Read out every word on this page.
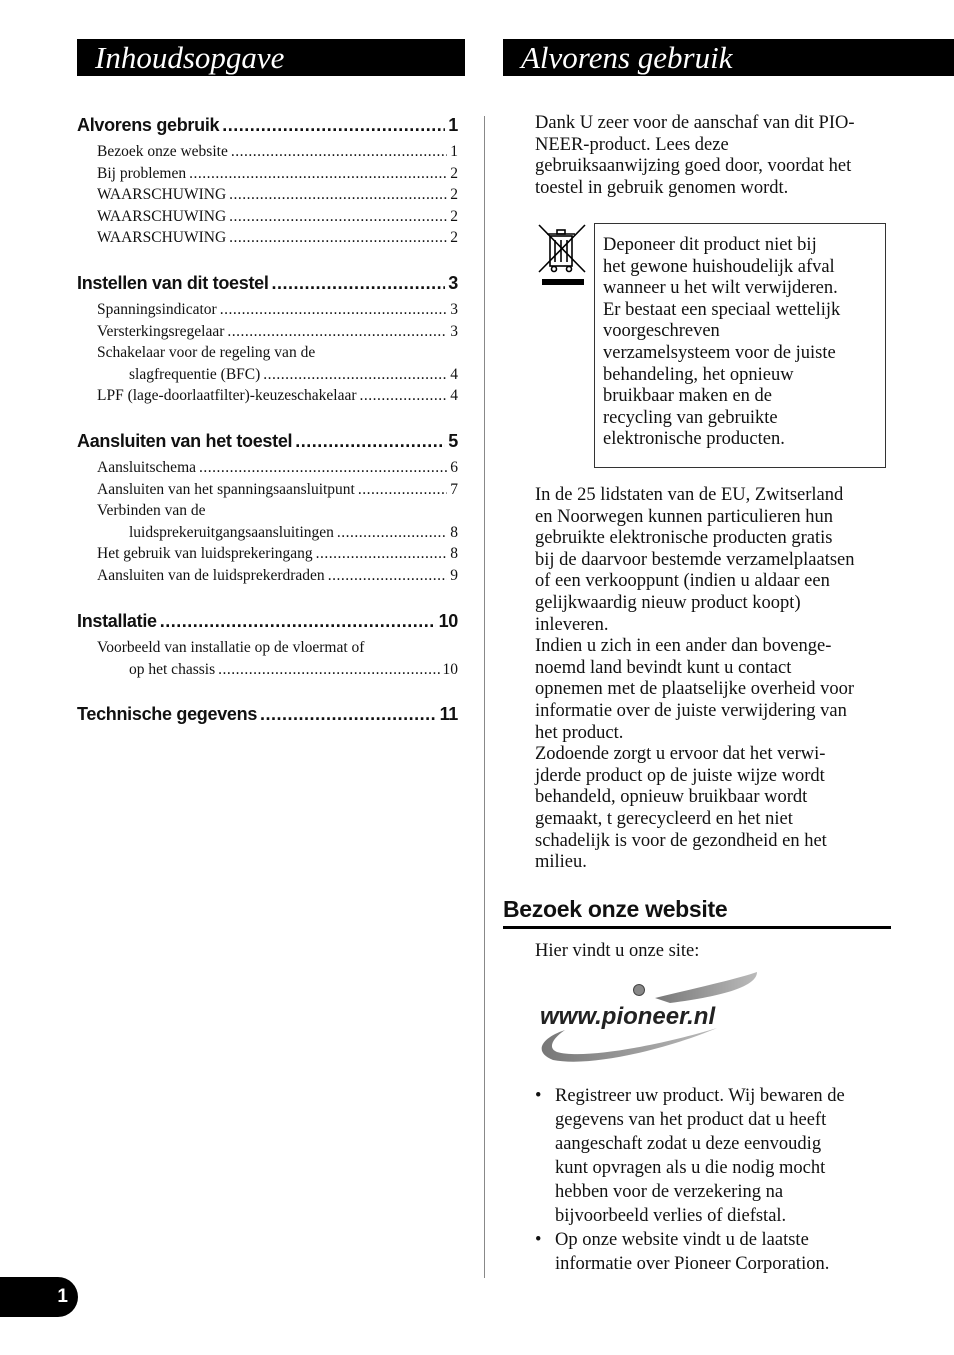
Inhoudsopgave	Alvorens gebruik
Alvorens gebruik .....	1
Bezoek onze website .....	1
Bij problemen .....	2
WAARSCHUWING .....	2
WAARSCHUWING .....	2
WAARSCHUWING .....	2
Instellen van dit toestel .....	3
Spanningsindicator .....	3
Versterkingsregelaar .....	3
Schakelaar voor de regeling van de
slagfrequentie (BFC) .....	4
LPF (lage-doorlaatfilter)-keuzeschakelaar .....	4
Aansluiten van het toestel .....	5
Aansluitschema .....	6
Aansluiten van het spanningsaansluitpunt .....	7
Verbinden van de
luidsprekeruitgangsaansluitingen .....	8
Het gebruik van luidsprekeringang .....	8
Aansluiten van de luidsprekerdraden .....	9
Installatie .....	10
Voorbeeld van installatie op de vloermat of
op het chassis .....	10
Technische gegevens .....	11
Dank U zeer voor de aanschaf van dit PIO-
NEER-product. Lees deze
gebruiksaanwijzing goed door, voordat het
toestel in gebruik genomen wordt.
Deponeer dit product niet bij
het gewone huishoudelijk afval
wanneer u het wilt verwijderen.
Er bestaat een speciaal wettelijk
voorgeschreven
verzamelsysteem voor de juiste
behandeling, het opnieuw
bruikbaar maken en de
recycling van gebruikte
elektronische producten.
In de 25 lidstaten van de EU, Zwitserland
en Noorwegen kunnen particulieren hun
gebruikte elektronische producten gratis
bij de daarvoor bestemde verzamelplaatsen
of een verkooppunt (indien u aldaar een
gelijkwaardig nieuw product koopt)
inleveren.
Indien u zich in een ander dan bovenge-
noemd land bevindt kunt u contact
opnemen met de plaatselijke overheid voor
informatie over de juiste verwijdering van
het product.
Zodoende zorgt u ervoor dat het verwi-
jderde product op de juiste wijze wordt
behandeld, opnieuw bruikbaar wordt
gemaakt, t gerecycleerd en het niet
schadelijk is voor de gezondheid en het
milieu.
Bezoek onze website
Hier vindt u onze site:
www.pioneer.nl
• Registreer uw product. Wij bewaren de
gegevens van het product dat u heeft
aangeschaft zodat u deze eenvoudig
kunt opvragen als u die nodig mocht
hebben voor de verzekering na
bijvoorbeeld verlies of diefstal.
• Op onze website vindt u de laatste
informatie over Pioneer Corporation.
1
